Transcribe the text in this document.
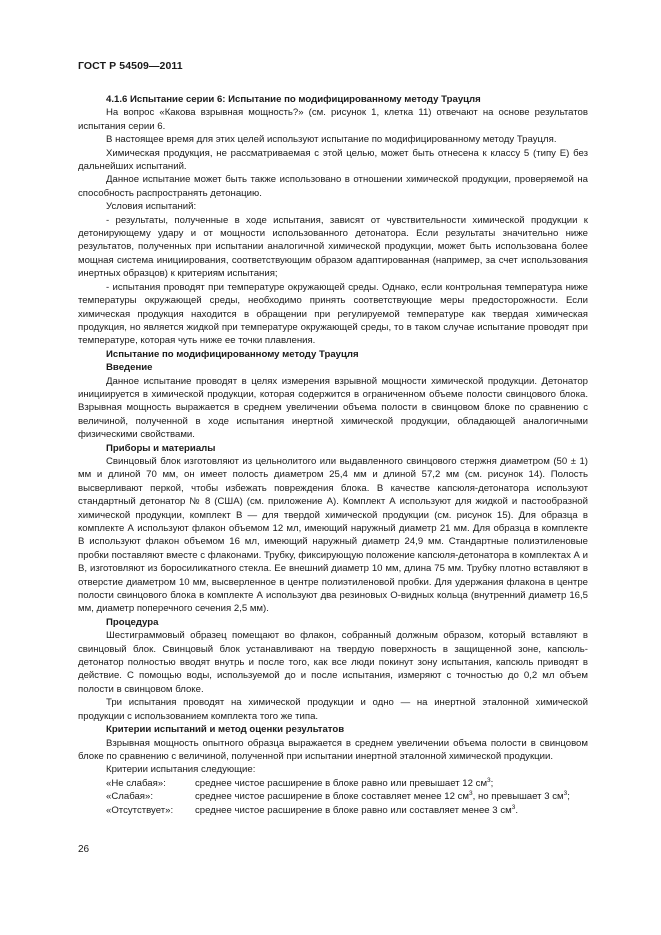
ГОСТ Р 54509—2011

4.1.6 Испытание серии 6: Испытание по модифицированному методу Трауцля

На вопрос «Какова взрывная мощность?» (см. рисунок 1, клетка 11) отвечают на основе результатов испытания серии 6.

В настоящее время для этих целей используют испытание по модифицированному методу Трауцля.

Химическая продукция, не рассматриваемая с этой целью, может быть отнесена к классу 5 (типу Е) без дальнейших испытаний.

Данное испытание может быть также использовано в отношении химической продукции, проверяемой на способность распространять детонацию.

Условия испытаний:

- результаты, полученные в ходе испытания, зависят от чувствительности химической продукции к детонирующему удару и от мощности использованного детонатора. Если результаты значительно ниже результатов, полученных при испытании аналогичной химической продукции, может быть использована более мощная система инициирования, соответствующим образом адаптированная (например, за счет использования инертных образцов) к критериям испытания;

- испытания проводят при температуре окружающей среды. Однако, если контрольная температура ниже температуры окружающей среды, необходимо принять соответствующие меры предосторожности. Если химическая продукция находится в обращении при регулируемой температуре как твердая химическая продукция, но является жидкой при температуре окружающей среды, то в таком случае испытание проводят при температуре, которая чуть ниже ее точки плавления.

Испытание по модифицированному методу Трауцля

Введение

Данное испытание проводят в целях измерения взрывной мощности химической продукции. Детонатор инициируется в химической продукции, которая содержится в ограниченном объеме полости свинцового блока. Взрывная мощность выражается в среднем увеличении объема полости в свинцовом блоке по сравнению с величиной, полученной в ходе испытания инертной химической продукции, обладающей аналогичными физическими свойствами.

Приборы и материалы

Свинцовый блок изготовляют из цельнолитого или выдавленного свинцового стержня диаметром (50 ± 1) мм и длиной 70 мм, он имеет полость диаметром 25,4 мм и длиной 57,2 мм (см. рисунок 14). Полость высверливают перкой, чтобы избежать повреждения блока. В качестве капсюля-детонатора используют стандартный детонатор № 8 (США) (см. приложение А). Комплект А используют для жидкой и пастообразной химической продукции, комплект В — для твердой химической продукции (см. рисунок 15). Для образца в комплекте А используют флакон объемом 12 мл, имеющий наружный диаметр 21 мм. Для образца в комплекте В используют флакон объемом 16 мл, имеющий наружный диаметр 24,9 мм. Стандартные полиэтиленовые пробки поставляют вместе с флаконами. Трубку, фиксирующую положение капсюля-детонатора в комплектах А и В, изготовляют из боросиликатного стекла. Ее внешний диаметр 10 мм, длина 75 мм. Трубку плотно вставляют в отверстие диаметром 10 мм, высверленное в центре полиэтиленовой пробки. Для удержания флакона в центре полости свинцового блока в комплекте А используют два резиновых О-видных кольца (внутренний диаметр 16,5 мм, диаметр поперечного сечения 2,5 мм).

Процедура

Шестиграммовый образец помещают во флакон, собранный должным образом, который вставляют в свинцовый блок. Свинцовый блок устанавливают на твердую поверхность в защищенной зоне, капсюль-детонатор полностью вводят внутрь и после того, как все люди покинут зону испытания, капсюль приводят в действие. С помощью воды, используемой до и после испытания, измеряют с точностью до 0,2 мл объем полости в свинцовом блоке.

Три испытания проводят на химической продукции и одно — на инертной эталонной химической продукции с использованием комплекта того же типа.

Критерии испытаний и метод оценки результатов

Взрывная мощность опытного образца выражается в среднем увеличении объема полости в свинцовом блоке по сравнению с величиной, полученной при испытании инертной эталонной химической продукции.

Критерии испытания следующие:

«Не слабая»:	среднее чистое расширение в блоке равно или превышает 12 $см^3$;
«Слабая»:	среднее чистое расширение в блоке составляет менее 12 $см^3$, но превышает 3 $см^3$;
«Отсутствует»:	среднее чистое расширение в блоке равно или составляет менее 3 $см^3$.
26
